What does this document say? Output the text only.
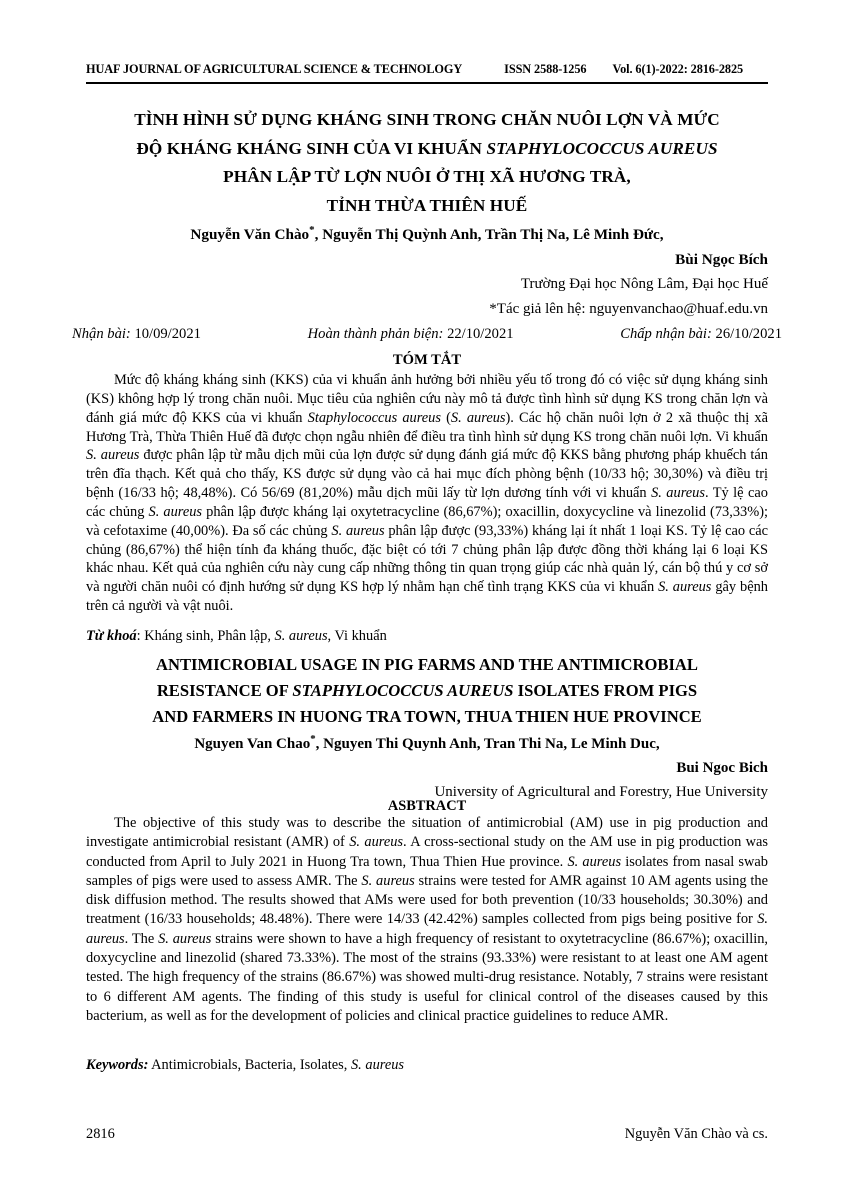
HUAF JOURNAL OF AGRICULTURAL SCIENCE & TECHNOLOGY	ISSN 2588-1256 Vol. 6(1)-2022: 2816-2825
TÌNH HÌNH SỬ DỤNG KHÁNG SINH TRONG CHĂN NUÔI LỢN VÀ MỨC
ĐỘ KHÁNG KHÁNG SINH CỦA VI KHUẨN STAPHYLOCOCCUS AUREUS
PHÂN LẬP TỪ LỢN NUÔI Ở THỊ XÃ HƯƠNG TRÀ,
TỈNH THỪA THIÊN HUẾ
Nguyễn Văn Chào*, Nguyễn Thị Quỳnh Anh, Trần Thị Na, Lê Minh Đức,
Bùi Ngọc Bích
Trường Đại học Nông Lâm, Đại học Huế
*Tác giả lên hệ: nguyenvanchao@huaf.edu.vn
Nhận bài: 10/09/2021	Hoàn thành phản biện: 22/10/2021	Chấp nhận bài: 26/10/2021
TÓM TẮT
Mức độ kháng kháng sinh (KKS) của vi khuẩn ảnh hưởng bởi nhiều yếu tố trong đó có việc sử dụng kháng sinh (KS) không hợp lý trong chăn nuôi. Mục tiêu của nghiên cứu này mô tả được tình hình sử dụng KS trong chăn lợn và đánh giá mức độ KKS của vi khuẩn Staphylococcus aureus (S. aureus). Các hộ chăn nuôi lợn ở 2 xã thuộc thị xã Hương Trà, Thừa Thiên Huế đã được chọn ngẫu nhiên để điều tra tình hình sử dụng KS trong chăn nuôi lợn. Vi khuẩn S. aureus được phân lập từ mẫu dịch mũi của lợn được sử dụng đánh giá mức độ KKS bằng phương pháp khuếch tán trên đĩa thạch. Kết quả cho thấy, KS được sử dụng vào cả hai mục đích phòng bệnh (10/33 hộ; 30,30%) và điều trị bệnh (16/33 hộ; 48,48%). Có 56/69 (81,20%) mẫu dịch mũi lấy từ lợn dương tính với vi khuẩn S. aureus. Tỷ lệ cao các chủng S. aureus phân lập được kháng lại oxytetracycline (86,67%); oxacillin, doxycycline và linezolid (73,33%); và cefotaxime (40,00%). Đa số các chủng S. aureus phân lập được (93,33%) kháng lại ít nhất 1 loại KS. Tỷ lệ cao các chủng (86,67%) thể hiện tính đa kháng thuốc, đặc biệt có tới 7 chủng phân lập được đồng thời kháng lại 6 loại KS khác nhau. Kết quả của nghiên cứu này cung cấp những thông tin quan trọng giúp các nhà quản lý, cán bộ thú y cơ sở và người chăn nuôi có định hướng sử dụng KS hợp lý nhằm hạn chế tình trạng KKS của vi khuẩn S. aureus gây bệnh trên cả người và vật nuôi.
Từ khoá: Kháng sinh, Phân lập, S. aureus, Vi khuẩn
ANTIMICROBIAL USAGE IN PIG FARMS AND THE ANTIMICROBIAL
RESISTANCE OF STAPHYLOCOCCUS AUREUS ISOLATES FROM PIGS
AND FARMERS IN HUONG TRA TOWN, THUA THIEN HUE PROVINCE
Nguyen Van Chao*, Nguyen Thi Quynh Anh, Tran Thi Na, Le Minh Duc,
Bui Ngoc Bich
University of Agricultural and Forestry, Hue University
ASBTRACT
The objective of this study was to describe the situation of antimicrobial (AM) use in pig production and investigate antimicrobial resistant (AMR) of S. aureus. A cross-sectional study on the AM use in pig production was conducted from April to July 2021 in Huong Tra town, Thua Thien Hue province. S. aureus isolates from nasal swab samples of pigs were used to assess AMR. The S. aureus strains were tested for AMR against 10 AM agents using the disk diffusion method. The results showed that AMs were used for both prevention (10/33 households; 30.30%) and treatment (16/33 households; 48.48%). There were 14/33 (42.42%) samples collected from pigs being positive for S. aureus. The S. aureus strains were shown to have a high frequency of resistant to oxytetracycline (86.67%); oxacillin, doxycycline and linezolid (shared 73.33%). The most of the strains (93.33%) were resistant to at least one AM agent tested. The high frequency of the strains (86.67%) was showed multi-drug resistance. Notably, 7 strains were resistant to 6 different AM agents. The finding of this study is useful for clinical control of the diseases caused by this bacterium, as well as for the development of policies and clinical practice guidelines to reduce AMR.
Keywords: Antimicrobials, Bacteria, Isolates, S. aureus
2816	Nguyễn Văn Chào và cs.
